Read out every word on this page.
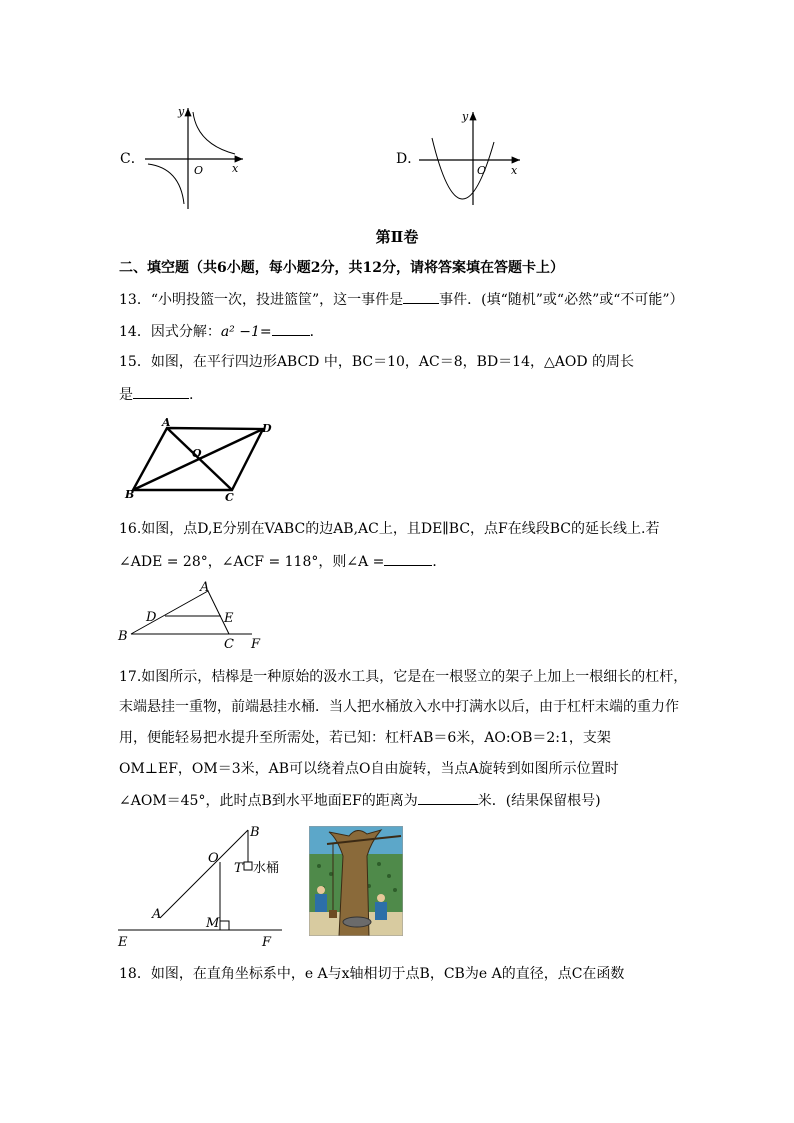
C．
y
x
O
D．
y
x
O
第Ⅱ卷
二、填空题（共6小题，每小题2分，共12分，请将答案填在答题卡上）
13．“小明投篮一次，投进篮筐”，这一事件是	事件．(填“随机”或“必然”或“不可能”）
14．因式分解：a² −1=	．
15．如图，在平行四边形ABCD 中，BC＝10，AC＝8，BD＝14，△AOD 的周长
是	.
A	D
O
B	C
16.如图，点D,E分别在VABC的边AB,AC上，且DE∥BC，点F在线段BC的延长线上.若
∠ADE = 28°，∠ACF = 118°，则∠A =	．
A
D	E
B
C F
17.如图所示，桔槔是一种原始的汲水工具，它是在一根竖立的架子上加上一根细长的杠杆，
末端悬挂一重物，前端悬挂水桶．当人把水桶放入水中打满水以后，由于杠杆末端的重力作
用，便能轻易把水提升至所需处，若已知：杠杆AB＝6米，AO:OB＝2:1，支架
OM⊥EF，OM＝3米，AB可以绕着点O自由旋转，当点A旋转到如图所示位置时
∠AOM＝45°，此时点B到水平地面EF的距离为	米．(结果保留根号)
B
O
T 水桶
A
M
E	F
18．如图，在直角坐标系中，e A与x轴相切于点B，CB为e A的直径，点C在函数
